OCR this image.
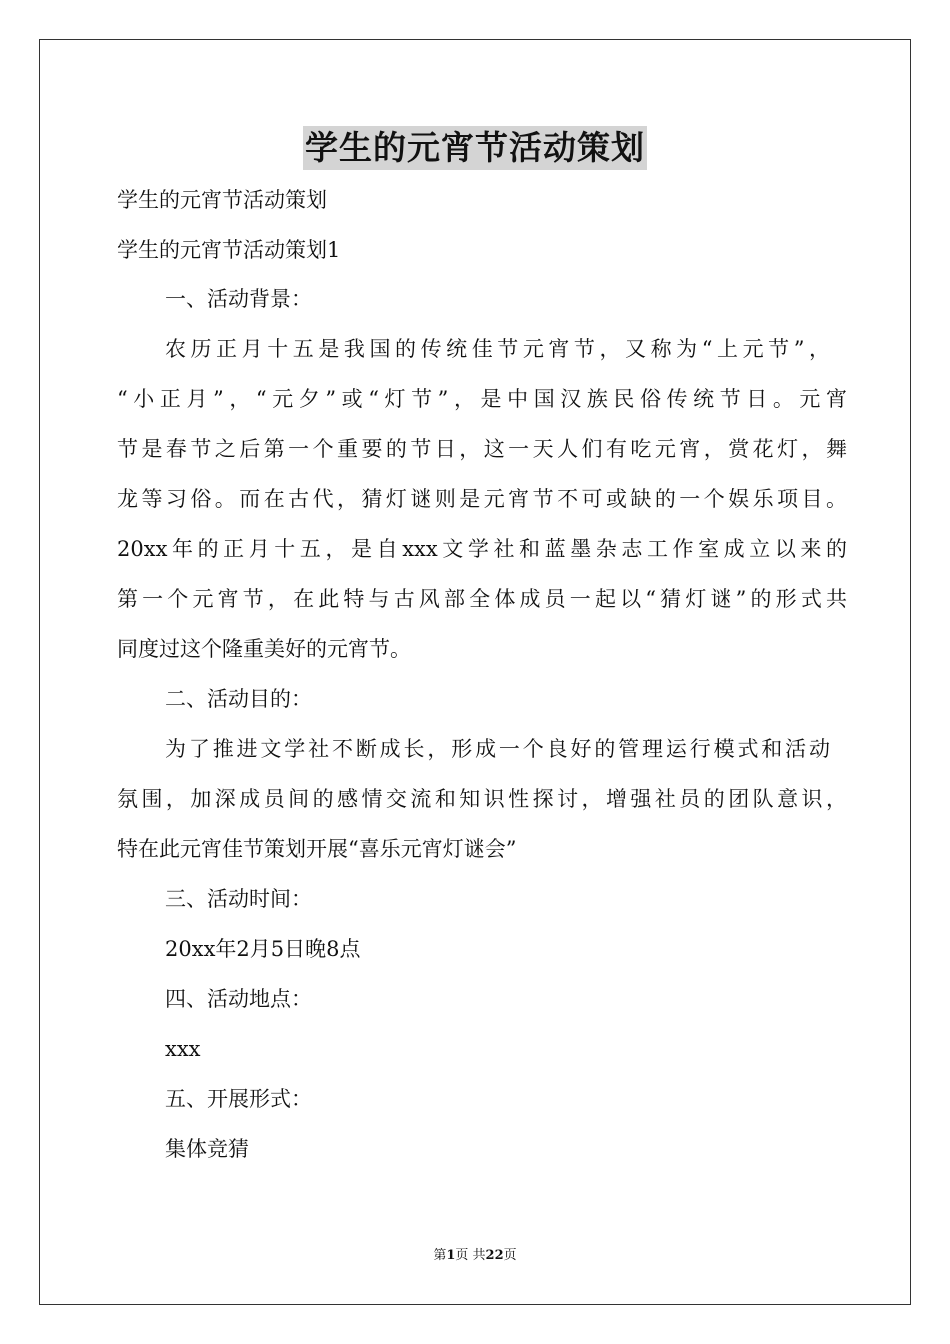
学生的元宵节活动策划
学生的元宵节活动策划
学生的元宵节活动策划1
一、活动背景：
农历正月十五是我国的传统佳节元宵节，又称为“上元节”，
“小正月”，“元夕”或“灯节”，是中国汉族民俗传统节日。元宵
节是春节之后第一个重要的节日，这一天人们有吃元宵，赏花灯，舞
龙等习俗。而在古代，猜灯谜则是元宵节不可或缺的一个娱乐项目。
20xx年的正月十五，是自xxx文学社和蓝墨杂志工作室成立以来的
第一个元宵节，在此特与古风部全体成员一起以“猜灯谜”的形式共
同度过这个隆重美好的元宵节。
二、活动目的：
为了推进文学社不断成长，形成一个良好的管理运行模式和活动
氛围，加深成员间的感情交流和知识性探讨，增强社员的团队意识，
特在此元宵佳节策划开展“喜乐元宵灯谜会”
三、活动时间：
20xx年2月5日晚8点
四、活动地点：
xxx
五、开展形式：
集体竞猜
第1页 共22页
